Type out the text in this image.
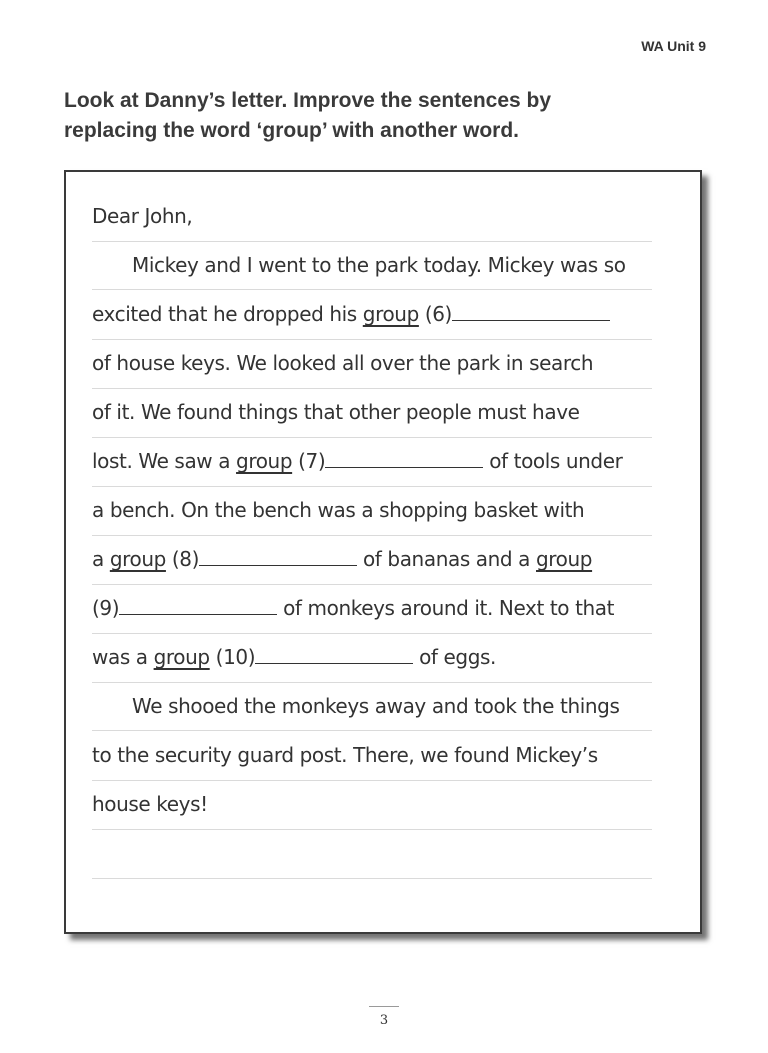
WA Unit 9
Look at Danny’s letter. Improve the sentences by
replacing the word ‘group’ with another word.
Dear John,
Mickey and I went to the park today. Mickey was so
excited that he dropped his group (6)
of house keys. We looked all over the park in search
of it. We found things that other people must have
lost. We saw a group (7)	of tools under
a bench. On the bench was a shopping basket with
a group (8)	of bananas and a group
(9)	of monkeys around it. Next to that
was a group (10)	of eggs.
We shooed the monkeys away and took the things
to the security guard post. There, we found Mickey’s
house keys!
3
